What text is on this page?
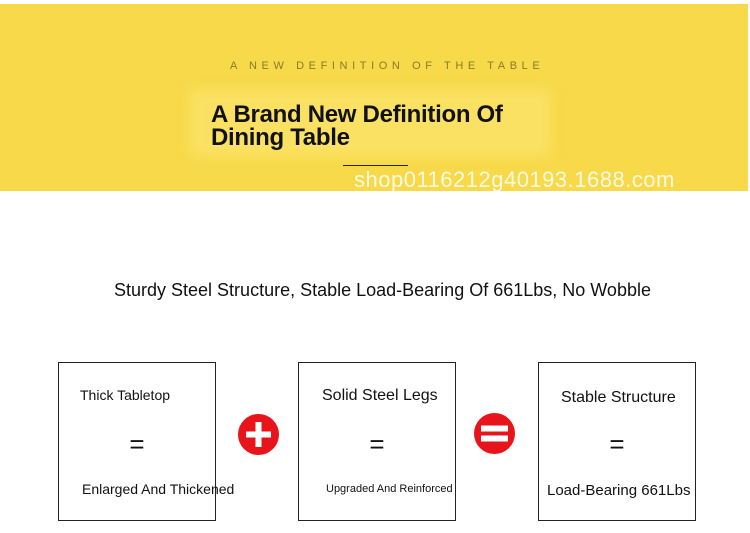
A NEW DEFINITION OF THE TABLE
A Brand New Definition Of
Dining Table
shop0116212g40193.1688.com
Sturdy Steel Structure, Stable Load-Bearing Of 661Lbs, No Wobble
Thick Tabletop
=
Enlarged And Thickened
Solid Steel Legs
=
Upgraded And Reinforced
Stable Structure
=
Load-Bearing 661Lbs
